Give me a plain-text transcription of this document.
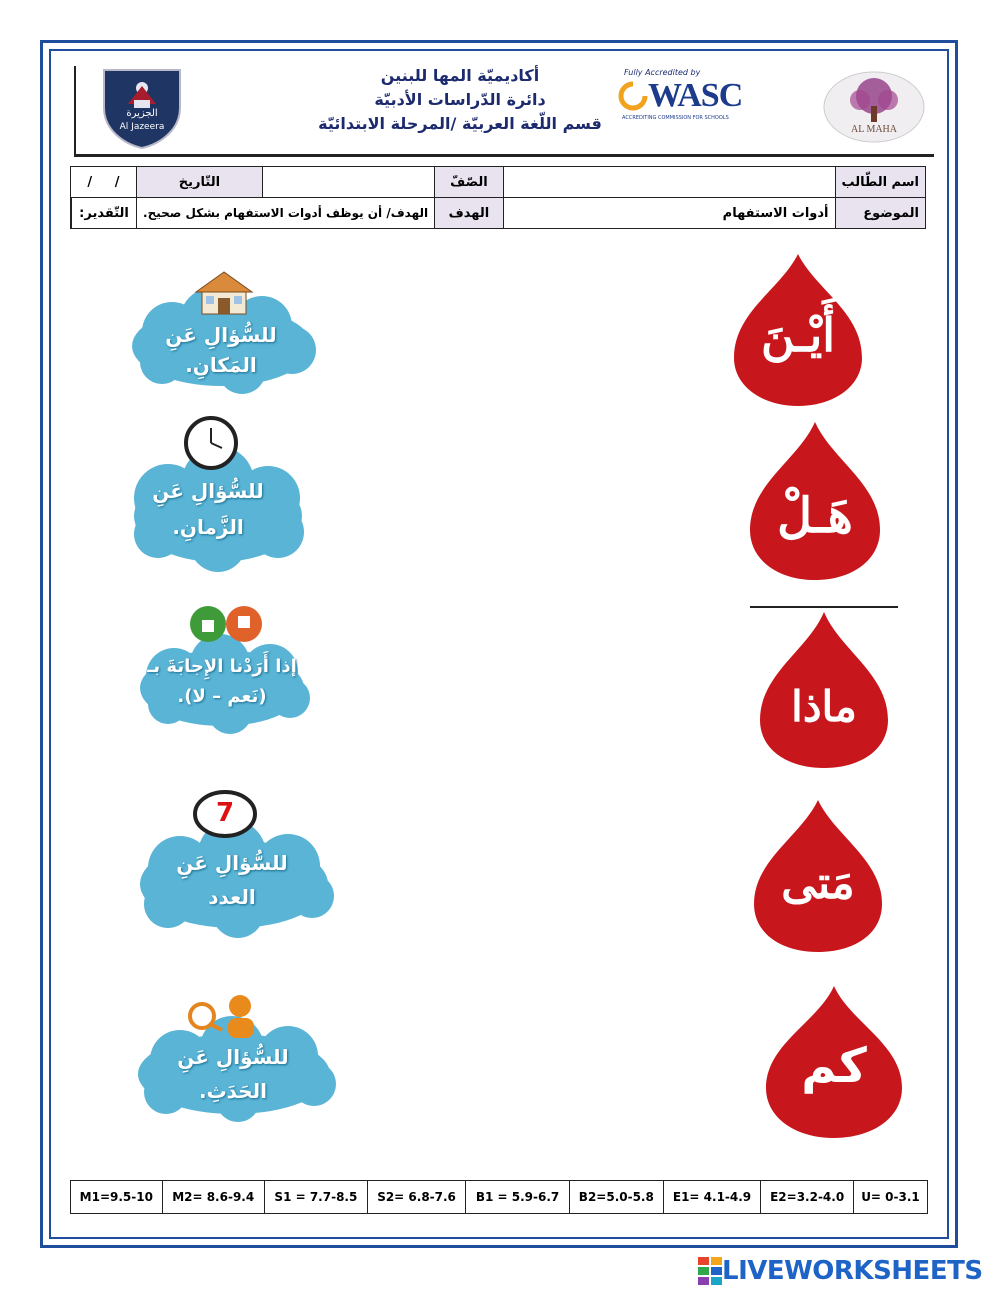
الجزيرة
Al Jazeera
أكاديميّة المها للبنين
دائرة الدّراسات الأدبيّة
قسم اللّغة العربيّة /المرحلة الابتدائيّة
Fully Accredited by
WASC
ACCREDITING COMMISSION FOR SCHOOLS
AL MAHA
اسم الطّالب		الصّفّ		التّاريخ	/     /
الموضوع	أدوات الاستفهام	الهدف	الهدف/ أن يوظف أدوات الاستفهام بشكل صحيح.		التّقدير:
أَيْـنَ
هَـلْ
ماذا
مَتى
كم
للسُّؤالِ عَنِ
المَكانِ.
للسُّؤالِ عَنِ
الزَّمانِ.
إذا أَرَدْنا الإِجابَةَ بـ
(نَعم – لا).
7
للسُّؤالِ عَنِ
العدد
للسُّؤالِ عَنِ
الحَدَثِ.
M1=9.5-10	M2= 8.6-9.4	S1 = 7.7-8.5	S2= 6.8-7.6	B1 = 5.9-6.7	B2=5.0-5.8	E1= 4.1-4.9	E2=3.2-4.0	U= 0-3.1
LIVEWORKSHEETS
